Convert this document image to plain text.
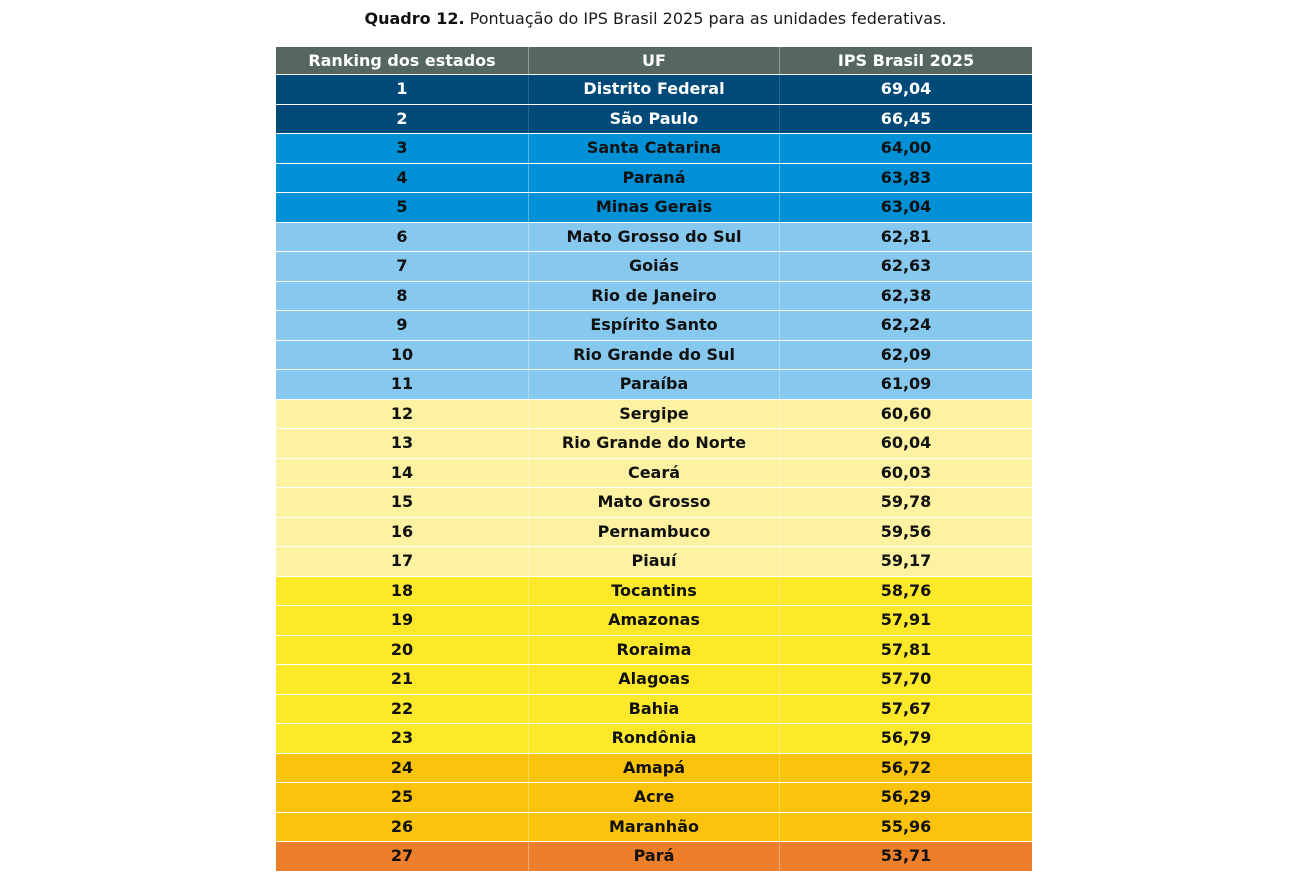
Quadro 12. Pontuação do IPS Brasil 2025 para as unidades federativas.
Ranking dos estados	UF	IPS Brasil 2025
1	Distrito Federal	69,04
2	São Paulo	66,45
3	Santa Catarina	64,00
4	Paraná	63,83
5	Minas Gerais	63,04
6	Mato Grosso do Sul	62,81
7	Goiás	62,63
8	Rio de Janeiro	62,38
9	Espírito Santo	62,24
10	Rio Grande do Sul	62,09
11	Paraíba	61,09
12	Sergipe	60,60
13	Rio Grande do Norte	60,04
14	Ceará	60,03
15	Mato Grosso	59,78
16	Pernambuco	59,56
17	Piauí	59,17
18	Tocantins	58,76
19	Amazonas	57,91
20	Roraima	57,81
21	Alagoas	57,70
22	Bahia	57,67
23	Rondônia	56,79
24	Amapá	56,72
25	Acre	56,29
26	Maranhão	55,96
27	Pará	53,71
